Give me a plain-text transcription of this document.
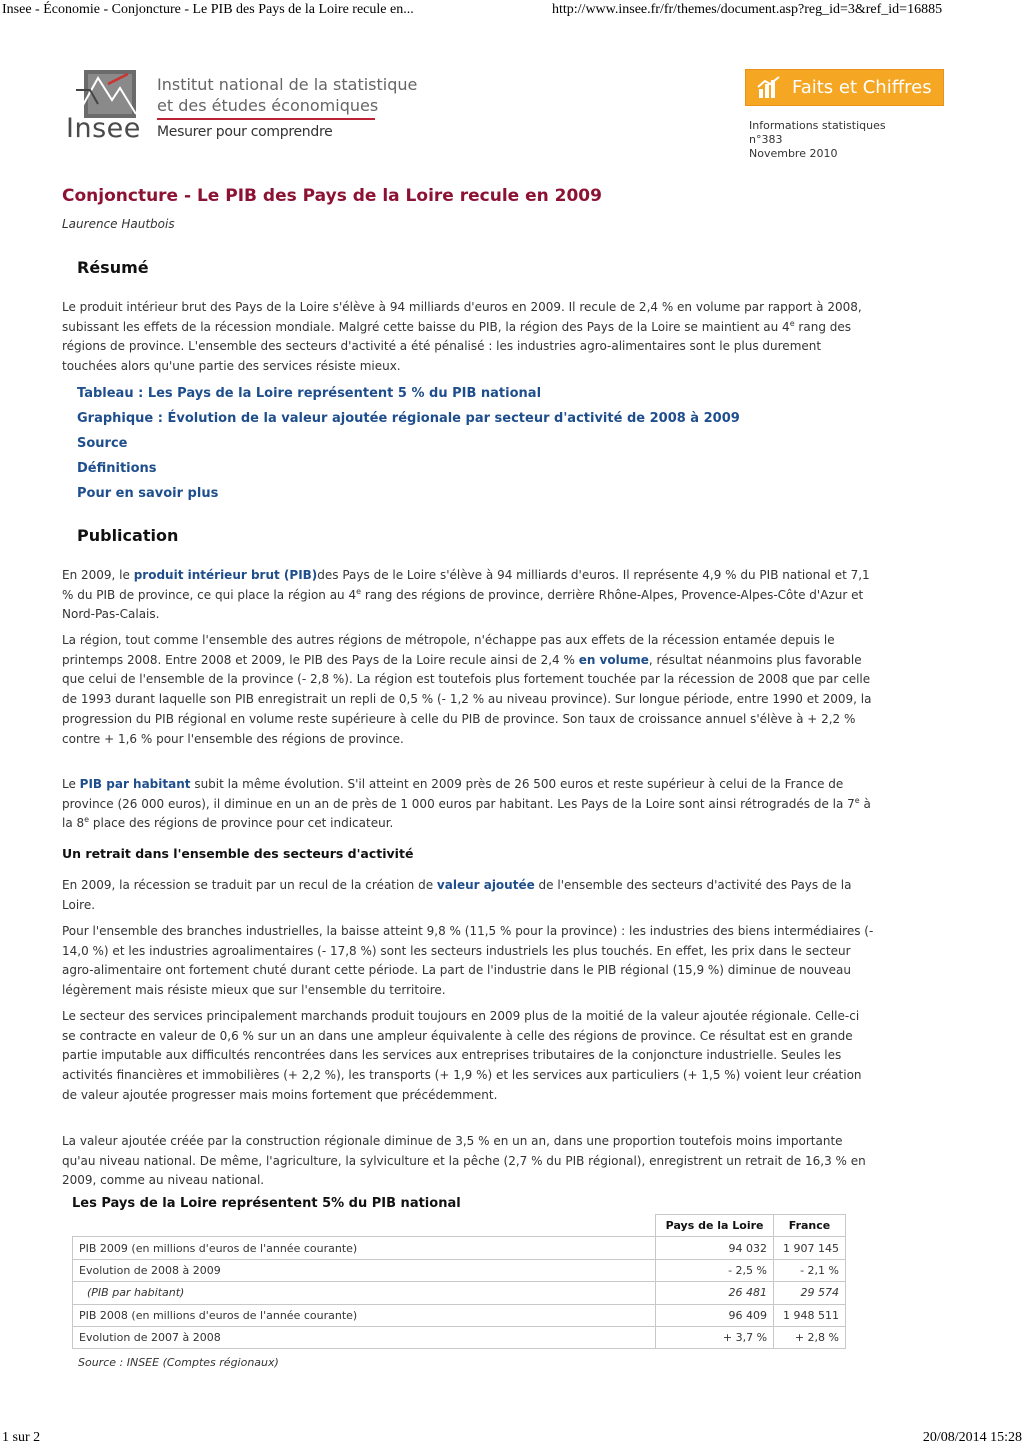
Insee - Économie - Conjoncture - Le PIB des Pays de la Loire recule en...	http://www.insee.fr/fr/themes/document.asp?reg_id=3&ref_id=16885
Insee
Institut national de la statistique
et des études économiques
Mesurer pour comprendre
Faits et Chiffres
Informations statistiques
n°383
Novembre 2010
Conjoncture - Le PIB des Pays de la Loire recule en 2009
Laurence Hautbois
Résumé

Le produit intérieur brut des Pays de la Loire s'élève à 94 milliards d'euros en 2009. Il recule de 2,4 % en volume par rapport à 2008, subissant les effets de la récession mondiale. Malgré cette baisse du PIB, la région des Pays de la Loire se maintient au 4e rang des régions de province. L'ensemble des secteurs d'activité a été pénalisé : les industries agro-alimentaires sont le plus durement touchées alors qu'une partie des services résiste mieux.

Tableau : Les Pays de la Loire représentent 5 % du PIB national
Graphique : Évolution de la valeur ajoutée régionale par secteur d'activité de 2008 à 2009
Source
Définitions
Pour en savoir plus
Publication

En 2009, le produit intérieur brut (PIB)des Pays de le Loire s'élève à 94 milliards d'euros. Il représente 4,9 % du PIB national et 7,1 % du PIB de province, ce qui place la région au 4e rang des régions de province, derrière Rhône-Alpes, Provence-Alpes-Côte d'Azur et Nord-Pas-Calais.

La région, tout comme l'ensemble des autres régions de métropole, n'échappe pas aux effets de la récession entamée depuis le printemps 2008. Entre 2008 et 2009, le PIB des Pays de la Loire recule ainsi de 2,4 % en volume, résultat néanmoins plus favorable que celui de l'ensemble de la province (- 2,8 %). La région est toutefois plus fortement touchée par la récession de 2008 que par celle de 1993 durant laquelle son PIB enregistrait un repli de 0,5 % (- 1,2 % au niveau province). Sur longue période, entre 1990 et 2009, la progression du PIB régional en volume reste supérieure à celle du PIB de province. Son taux de croissance annuel s'élève à + 2,2 % contre + 1,6 % pour l'ensemble des régions de province.

Le PIB par habitant subit la même évolution. S'il atteint en 2009 près de 26 500 euros et reste supérieur à celui de la France de province (26 000 euros), il diminue en un an de près de 1 000 euros par habitant. Les Pays de la Loire sont ainsi rétrogradés de la 7e à la 8e place des régions de province pour cet indicateur.

Un retrait dans l'ensemble des secteurs d'activité

En 2009, la récession se traduit par un recul de la création de valeur ajoutée de l'ensemble des secteurs d'activité des Pays de la Loire.

Pour l'ensemble des branches industrielles, la baisse atteint 9,8 % (11,5 % pour la province) : les industries des biens intermédiaires (- 14,0 %) et les industries agroalimentaires (- 17,8 %) sont les secteurs industriels les plus touchés. En effet, les prix dans le secteur agro-alimentaire ont fortement chuté durant cette période. La part de l'industrie dans le PIB régional (15,9 %) diminue de nouveau légèrement mais résiste mieux que sur l'ensemble du territoire.

Le secteur des services principalement marchands produit toujours en 2009 plus de la moitié de la valeur ajoutée régionale. Celle-ci se contracte en valeur de 0,6 % sur un an dans une ampleur équivalente à celle des régions de province. Ce résultat est en grande partie imputable aux difficultés rencontrées dans les services aux entreprises tributaires de la conjoncture industrielle. Seules les activités financières et immobilières (+ 2,2 %), les transports (+ 1,9 %) et les services aux particuliers (+ 1,5 %) voient leur création de valeur ajoutée progresser mais moins fortement que précédemment.

La valeur ajoutée créée par la construction régionale diminue de 3,5 % en un an, dans une proportion toutefois moins importante qu'au niveau national. De même, l'agriculture, la sylviculture et la pêche (2,7 % du PIB régional), enregistrent un retrait de 16,3 % en 2009, comme au niveau national.

Les Pays de la Loire représentent 5% du PIB national
	Pays de la Loire	France
PIB 2009 (en millions d'euros de l'année courante)	94 032	1 907 145
Evolution de 2008 à 2009	- 2,5 %	- 2,1 %
(PIB par habitant)	26 481	29 574
PIB 2008 (en millions d'euros de l'année courante)	96 409	1 948 511
Evolution de 2007 à 2008	+ 3,7 %	+ 2,8 %
Source : INSEE (Comptes régionaux)
1 sur 2	20/08/2014 15:28
